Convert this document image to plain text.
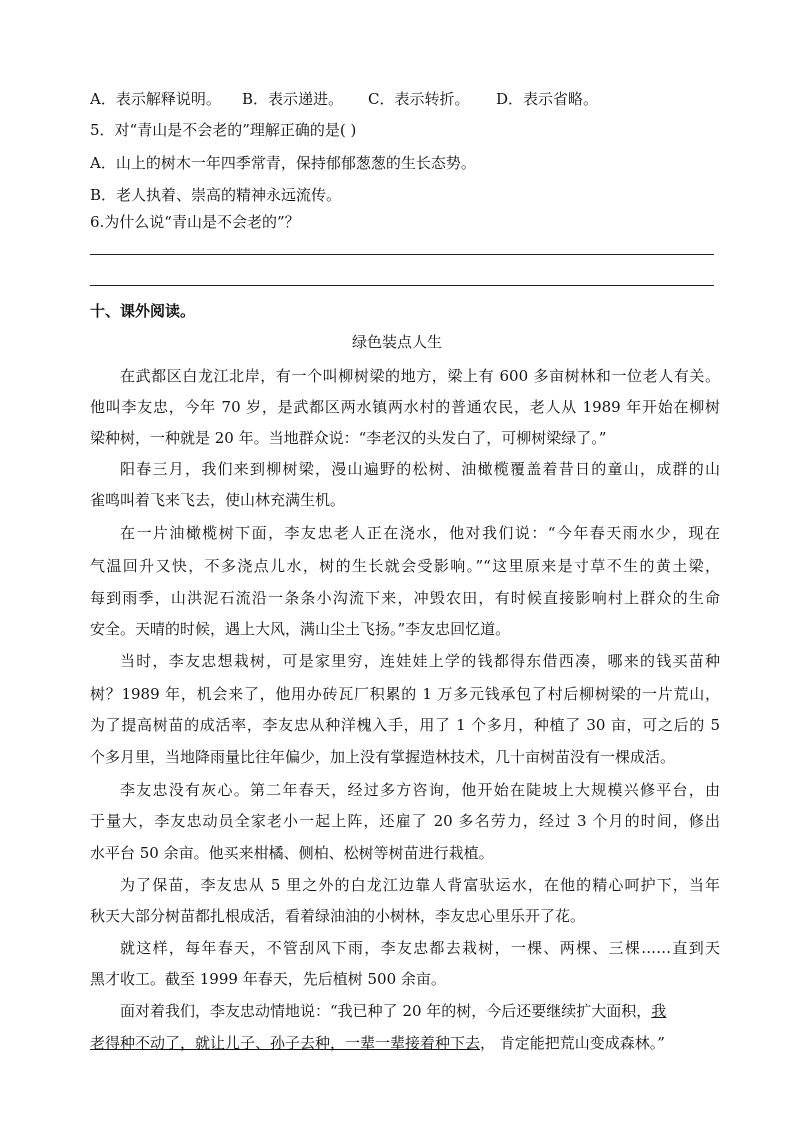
A．表示解释说明。 B．表示递进。 C．表示转折。 D．表示省略。
5．对“青山是不会老的”理解正确的是( )
A．山上的树木一年四季常青，保持郁郁葱葱的生长态势。
B．老人执着、崇高的精神永远流传。
6.为什么说“青山是不会老的”？
十、课外阅读。
绿色装点人生
在武都区白龙江北岸，有一个叫柳树梁的地方，梁上有 600 多亩树林和一位老人有关。
他叫李友忠，今年 70 岁，是武都区两水镇两水村的普通农民，老人从 1989 年开始在柳树
梁种树，一种就是 20 年。当地群众说：“李老汉的头发白了，可柳树梁绿了。”
阳春三月，我们来到柳树梁，漫山遍野的松树、油橄榄覆盖着昔日的童山，成群的山
雀鸣叫着飞来飞去，使山林充满生机。
在一片油橄榄树下面，李友忠老人正在浇水，他对我们说：“今年春天雨水少，现在
气温回升又快，不多浇点儿水，树的生长就会受影响。”“这里原来是寸草不生的黄土梁，
每到雨季，山洪泥石流沿一条条小沟流下来，冲毁农田，有时候直接影响村上群众的生命
安全。天晴的时候，遇上大风，满山尘土飞扬。”李友忠回忆道。
当时，李友忠想栽树，可是家里穷，连娃娃上学的钱都得东借西凑，哪来的钱买苗种
树？1989 年，机会来了，他用办砖瓦厂积累的 1 万多元钱承包了村后柳树梁的一片荒山，
为了提高树苗的成活率，李友忠从种洋槐入手，用了 1 个多月，种植了 30 亩，可之后的 5
个多月里，当地降雨量比往年偏少，加上没有掌握造林技术，几十亩树苗没有一棵成活。
李友忠没有灰心。第二年春天，经过多方咨询，他开始在陡坡上大规模兴修平台，由
于量大，李友忠动员全家老小一起上阵，还雇了 20 多名劳力，经过 3 个月的时间，修出
水平台 50 余亩。他买来柑橘、侧柏、松树等树苗进行栽植。
为了保苗，李友忠从 5 里之外的白龙江边靠人背富驮运水，在他的精心呵护下，当年
秋天大部分树苗都扎根成活，看着绿油油的小树林，李友忠心里乐开了花。
就这样，每年春天，不管刮风下雨，李友忠都去栽树，一棵、两棵、三棵……直到天
黑才收工。截至 1999 年春天，先后植树 500 余亩。
面对着我们，李友忠动情地说：“我已种了 20 年的树，今后还要继续扩大面积，我
老得种不动了，就让儿子、孙子去种，一辈一辈接着种下去， 肯定能把荒山变成森林。”
